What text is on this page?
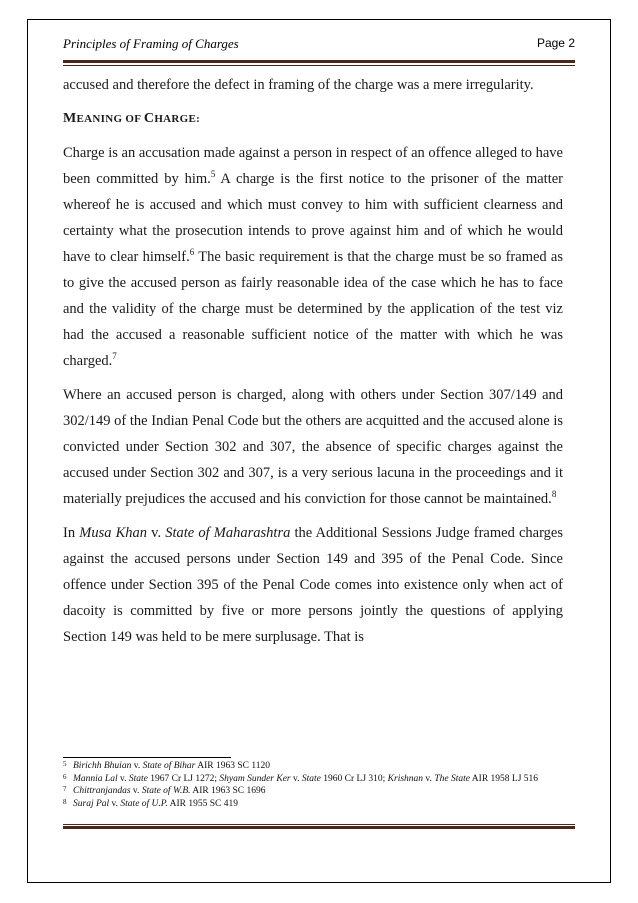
Principles of Framing of Charges	Page 2

accused and therefore the defect in framing of the charge was a mere irregularity.

MEANING OF CHARGE:

Charge is an accusation made against a person in respect of an offence alleged to have been committed by him.$^5$ A charge is the first notice to the prisoner of the matter whereof he is accused and which must convey to him with sufficient clearness and certainty what the prosecution intends to prove against him and of which he would have to clear himself.$^6$ The basic requirement is that the charge must be so framed as to give the accused person as fairly reasonable idea of the case which he has to face and the validity of the charge must be determined by the application of the test viz had the accused a reasonable sufficient notice of the matter with which he was charged.$^7$

Where an accused person is charged, along with others under Section 307/149 and 302/149 of the Indian Penal Code but the others are acquitted and the accused alone is convicted under Section 302 and 307, the absence of specific charges against the accused under Section 302 and 307, is a very serious lacuna in the proceedings and it materially prejudices the accused and his conviction for those cannot be maintained.$^8$

In Musa Khan v. State of Maharashtra the Additional Sessions Judge framed charges against the accused persons under Section 149 and 395 of the Penal Code. Since offence under Section 395 of the Penal Code comes into existence only when act of dacoity is committed by five or more persons jointly the questions of applying Section 149 was held to be mere surplusage. That is

5 Birichh Bhuian v. State of Bihar AIR 1963 SC 1120
6 Mannia Lal v. State 1967 Cr LJ 1272; Shyam Sunder Ker v. State 1960 Cr LJ 310; Krishnan v. The State AIR 1958 LJ 516
7 Chittranjandas v. State of W.B. AIR 1963 SC 1696
8 Suraj Pal v. State of U.P. AIR 1955 SC 419
